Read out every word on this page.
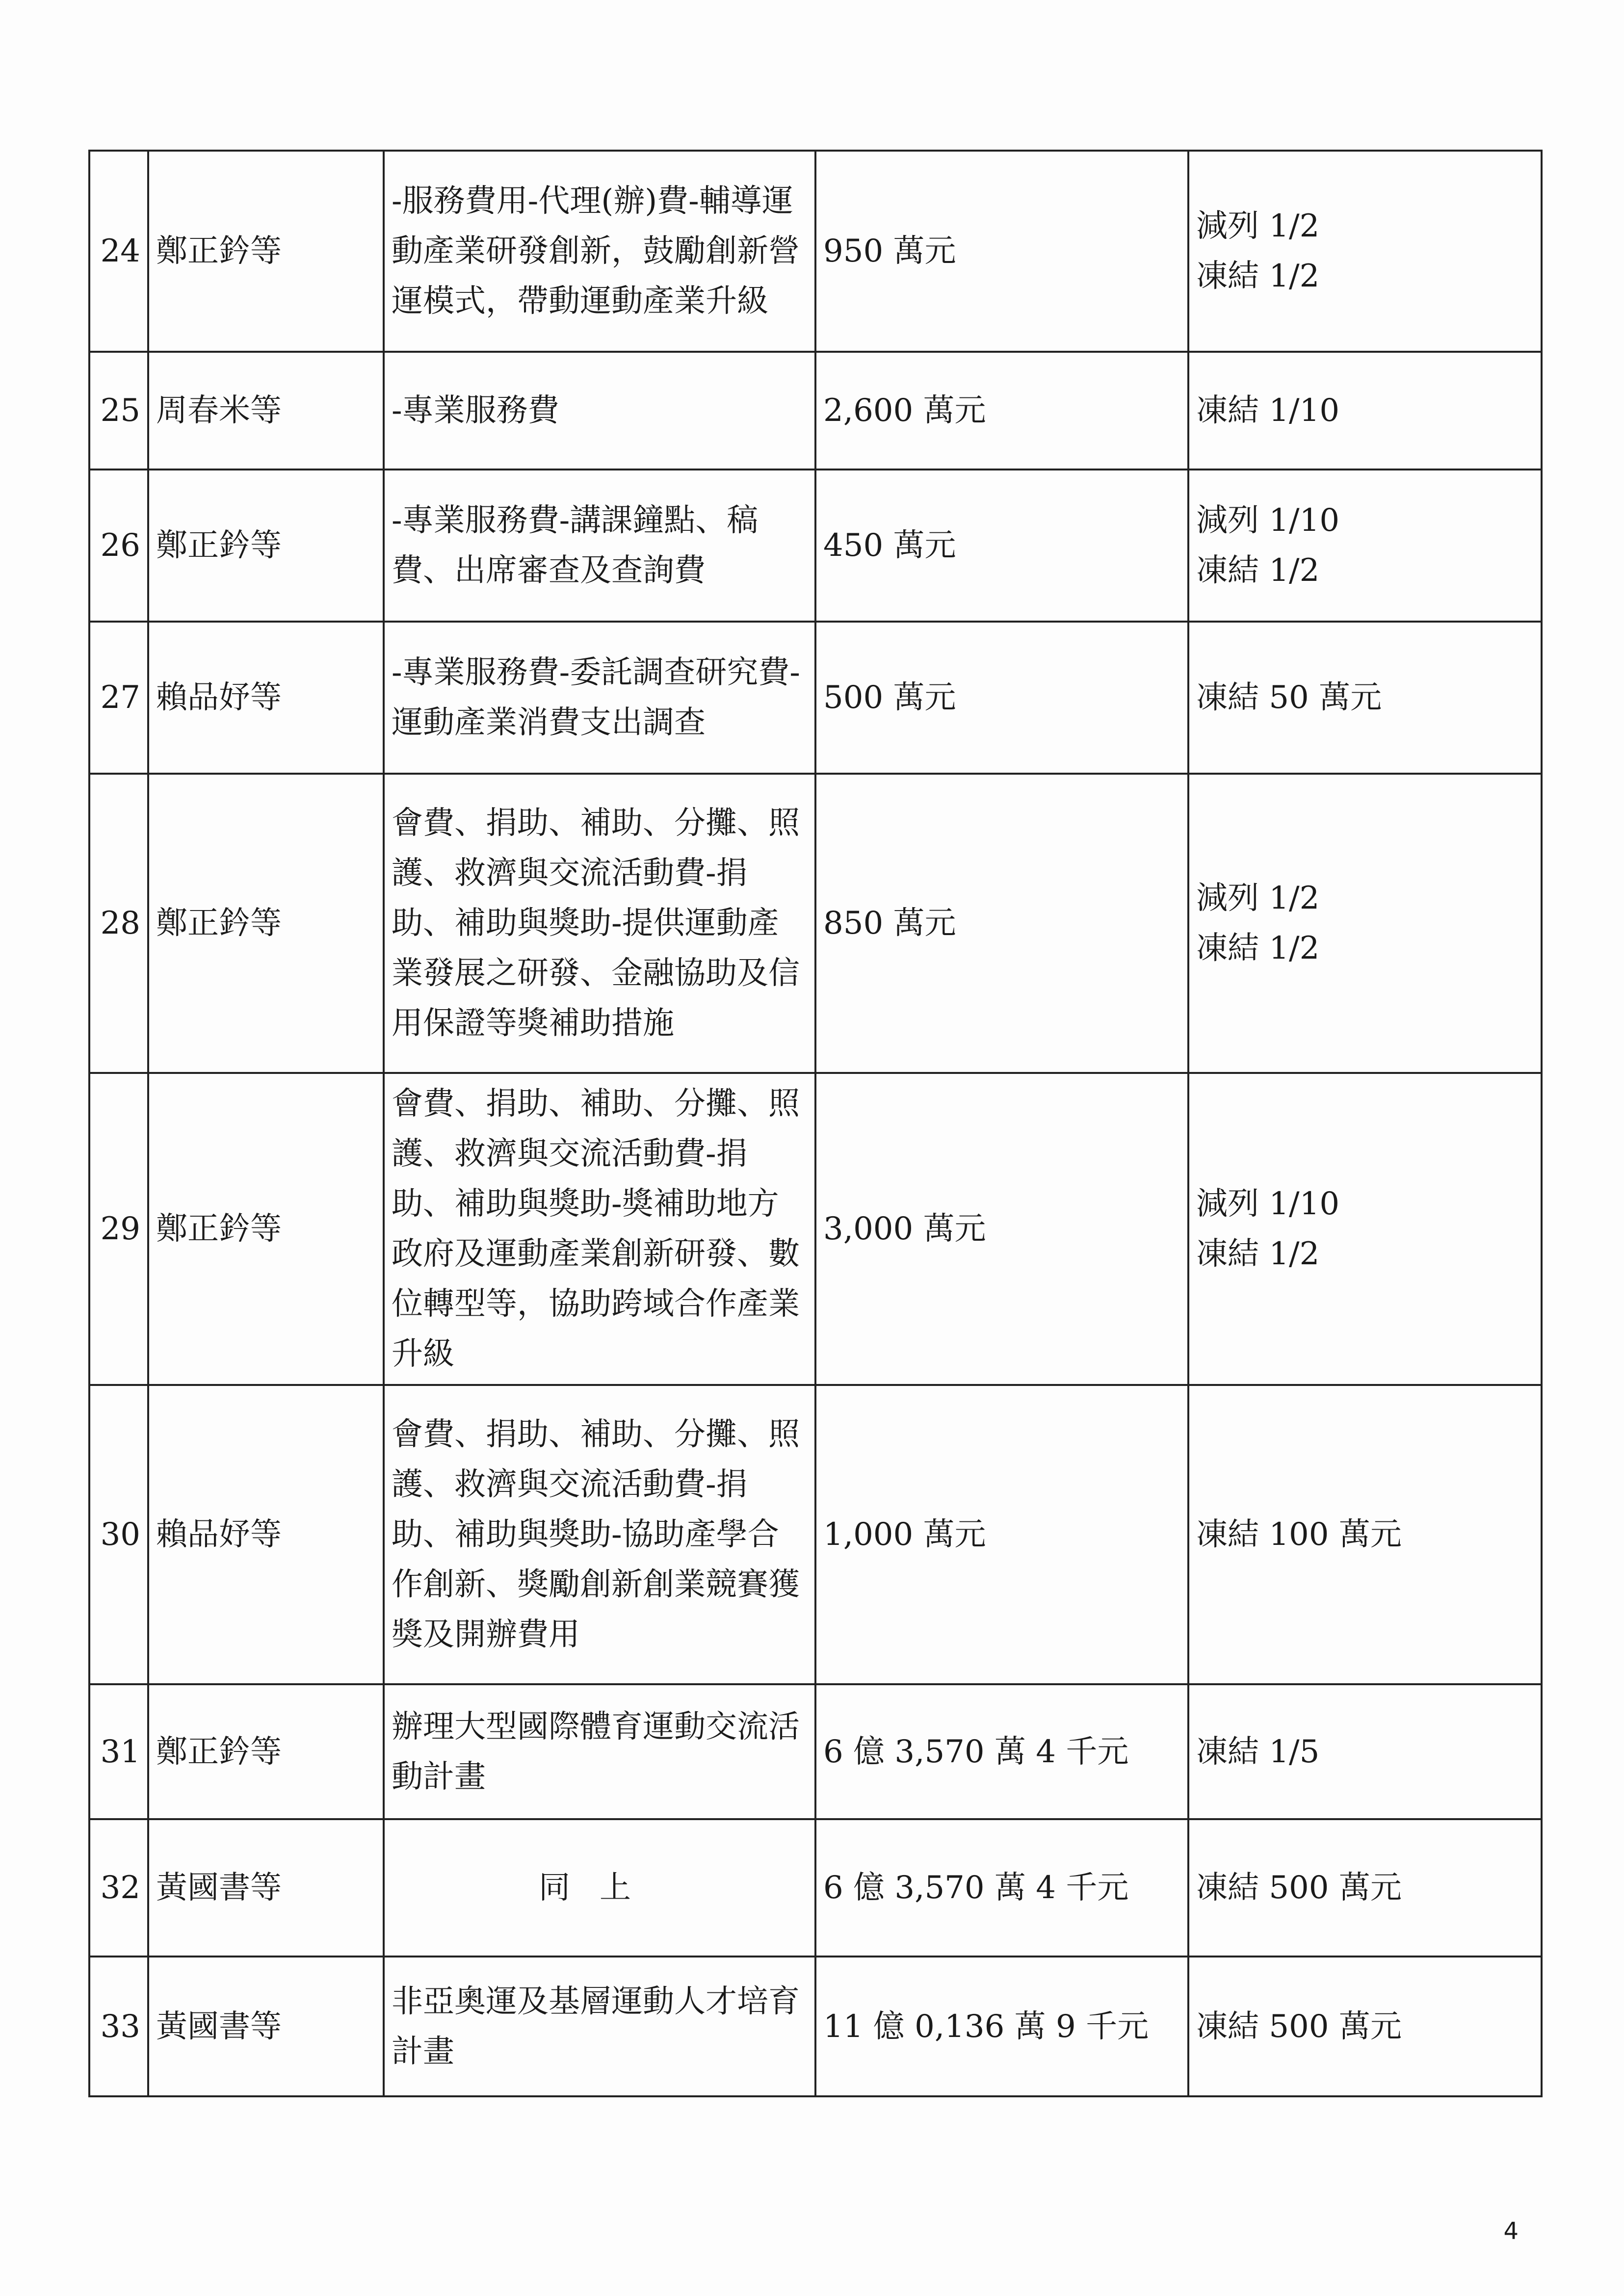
24	鄭正鈐等	-服務費用-代理(辦)費-輔導運動產業研發創新，鼓勵創新營運模式，帶動運動產業升級	950 萬元	減列 1/2
凍結 1/2

25	周春米等	-專業服務費	2,600 萬元	凍結 1/10

26	鄭正鈐等	-專業服務費-講課鐘點、稿費、出席審查及查詢費	450 萬元	減列 1/10
凍結 1/2

27	賴品妤等	-專業服務費-委託調查研究費-運動產業消費支出調查	500 萬元	凍結 50 萬元

28	鄭正鈐等	會費、捐助、補助、分攤、照護、救濟與交流活動費-捐助、補助與獎助-提供運動產業發展之研發、金融協助及信用保證等獎補助措施	850 萬元	減列 1/2
凍結 1/2

29	鄭正鈐等	會費、捐助、補助、分攤、照護、救濟與交流活動費-捐助、補助與獎助-獎補助地方政府及運動產業創新研發、數位轉型等，協助跨域合作產業升級	3,000 萬元	減列 1/10
凍結 1/2

30	賴品妤等	會費、捐助、補助、分攤、照護、救濟與交流活動費-捐助、補助與獎助-協助產學合作創新、獎勵創新創業競賽獲獎及開辦費用	1,000 萬元	凍結 100 萬元

31	鄭正鈐等	辦理大型國際體育運動交流活動計畫	6 億 3,570 萬 4 千元	凍結 1/5

32	黃國書等	同上	6 億 3,570 萬 4 千元	凍結 500 萬元

33	黃國書等	非亞奧運及基層運動人才培育計畫	11 億 0,136 萬 9 千元	凍結 500 萬元
4
